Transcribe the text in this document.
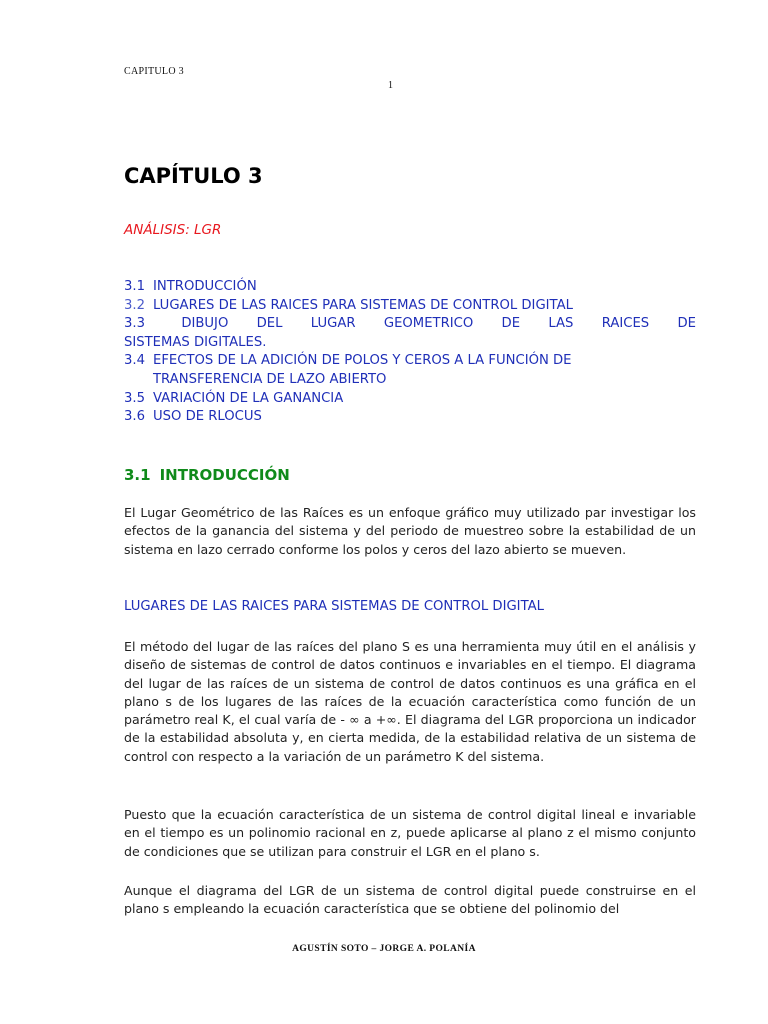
CAPITULO 3
1
CAPÍTULO 3
ANÁLISIS: LGR
3.1 INTRODUCCIÓN
3.2 LUGARES DE LAS RAICES PARA SISTEMAS DE CONTROL DIGITAL
3.3	DIBUJO DEL LUGAR GEOMETRICO DE LAS RAICES DE
SISTEMAS DIGITALES.
3.4 EFECTOS DE LA ADICIÓN DE POLOS Y CEROS A LA FUNCIÓN DE
TRANSFERENCIA DE LAZO ABIERTO
3.5 VARIACIÓN DE LA GANANCIA
3.6 USO DE RLOCUS
3.1 INTRODUCCIÓN
El Lugar Geométrico de las Raíces es un enfoque gráfico muy utilizado par investigar los efectos de la ganancia del sistema y del periodo de muestreo sobre la estabilidad de un sistema en lazo cerrado conforme los polos y ceros del lazo abierto se mueven.
LUGARES DE LAS RAICES PARA SISTEMAS DE CONTROL DIGITAL
El método del lugar de las raíces del plano S es una herramienta muy útil en el análisis y diseño de sistemas de control de datos continuos e invariables en el tiempo. El diagrama del lugar de las raíces de un sistema de control de datos continuos es una gráfica en el plano s de los lugares de las raíces de la ecuación característica como función de un parámetro real K, el cual varía de - ∞ a +∞. El diagrama del LGR proporciona un indicador de la estabilidad absoluta y, en cierta medida, de la estabilidad relativa de un sistema de control con respecto a la variación de un parámetro K del sistema.
Puesto que la ecuación característica de un sistema de control digital lineal e invariable en el tiempo es un polinomio racional en z, puede aplicarse al plano z el mismo conjunto de condiciones que se utilizan para construir el LGR en el plano s.
Aunque el diagrama del LGR de un sistema de control digital puede construirse en el plano s empleando la ecuación característica que se obtiene del polinomio del
AGUSTÍN SOTO – JORGE A. POLANÍA
